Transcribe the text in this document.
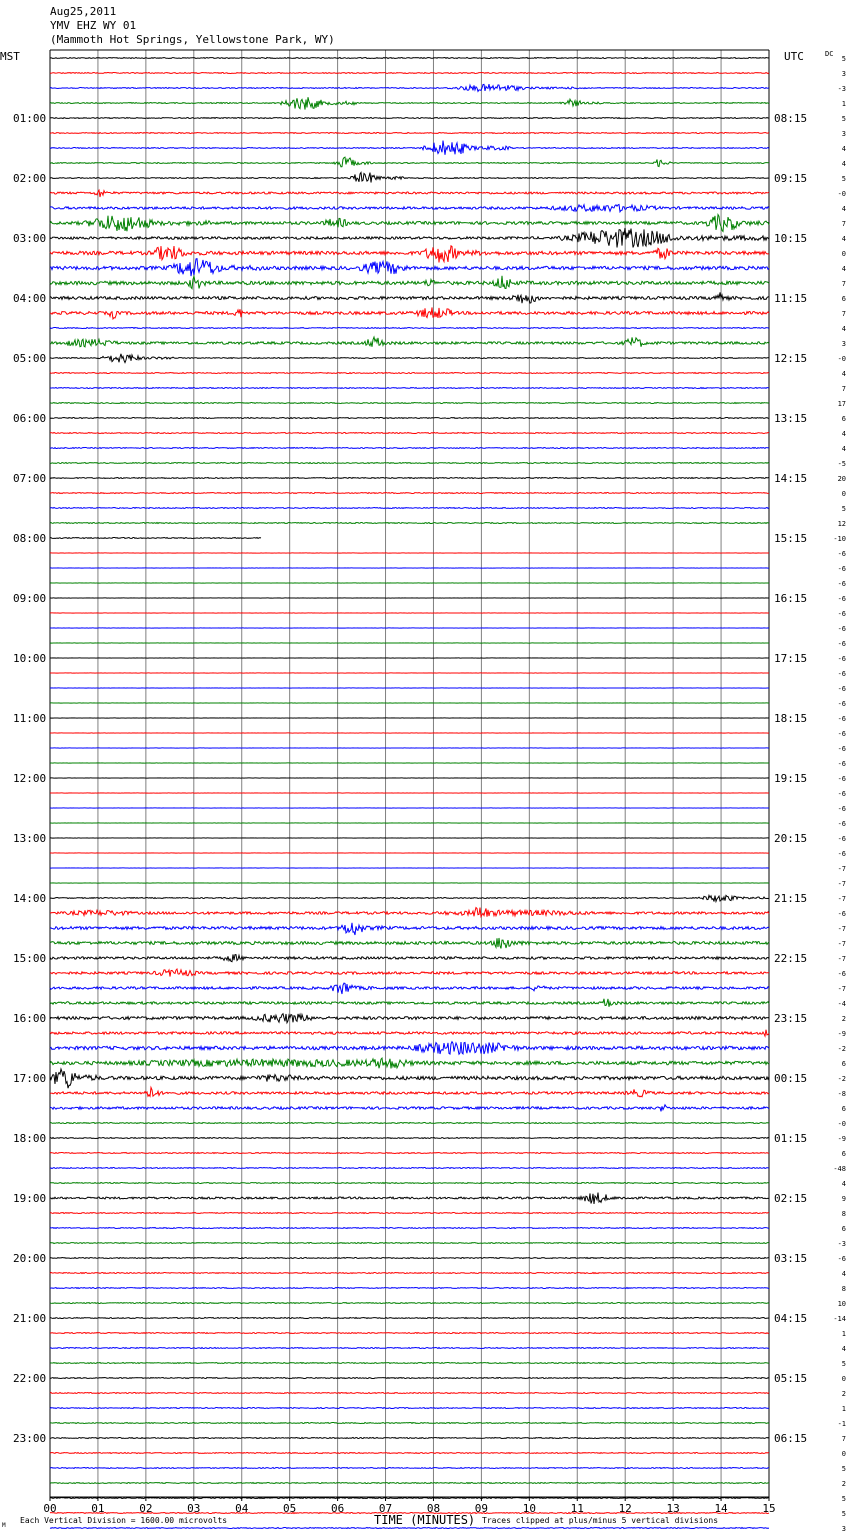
Aug25,2011
YMV EHZ WY 01
(Mammoth Hot Springs, Yellowstone Park, WY)
MST	UTC	DC
TIME (MINUTES)
Each Vertical Division = 1600.00 microvolts	Traces clipped at plus/minus 5 vertical divisions
M
01:00
02:00
03:00
04:00
05:00
06:00
07:00
08:00
09:00
10:00
11:00
12:00
13:00
14:00
15:00
16:00
17:00
18:00
19:00
20:00
21:00
22:00
23:00
08:15
09:15
10:15
11:15
12:15
13:15
14:15
15:15
16:15
17:15
18:15
19:15
20:15
21:15
22:15
23:15
00:15
01:15
02:15
03:15
04:15
05:15
06:15
5
3
-3
1
5
3
4
4
5
-0
4
7
4
0
4
7
6
7
4
3
-0
4
7
17
6
4
4
-5
20
0
5
12
-10
-6
-6
-6
-6
-6
-6
-6
-6
-6
-6
-6
-6
-6
-6
-6
-6
-6
-6
-6
-6
-6
-7
-7
-7
-6
-7
-7
-7
-6
-7
-4
2
-9
-2
6
-2
-8
6
-0
-9
6
-48
4
9
8
6
-3
-6
4
8
10
-14
1
4
5
0
2
1
-1
7
0
5
2
5
5
3
00	01	02	03	04	05	06	07	08	09	10	11	12	13	14	15
